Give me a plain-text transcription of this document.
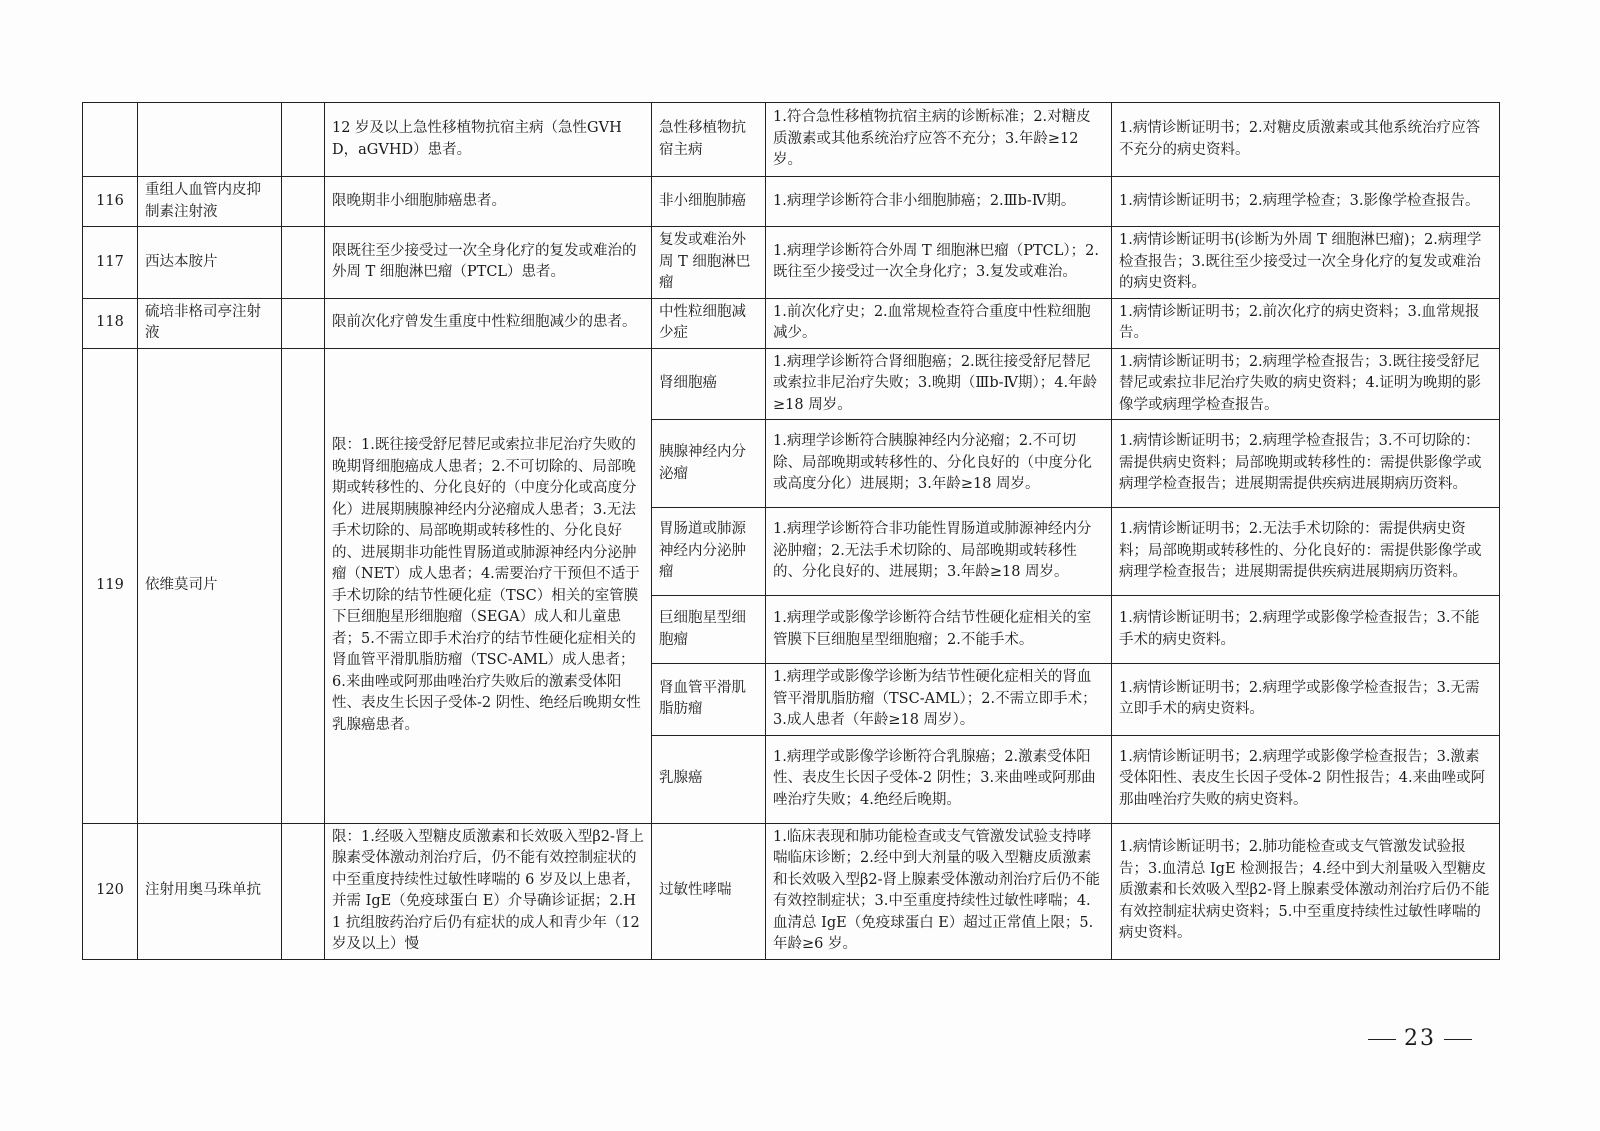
			12 岁及以上急性移植物抗宿主病（急性GVHD，aGVHD）患者。	急性移植物抗宿主病	1.符合急性移植物抗宿主病的诊断标准；2.对糖皮质激素或其他系统治疗应答不充分；3.年龄≥12 岁。	1.病情诊断证明书；2.对糖皮质激素或其他系统治疗应答不充分的病史资料。
116	重组人血管内皮抑制素注射液		限晚期非小细胞肺癌患者。	非小细胞肺癌	1.病理学诊断符合非小细胞肺癌；2.Ⅲb-Ⅳ期。	1.病情诊断证明书；2.病理学检查；3.影像学检查报告。
117	西达本胺片		限既往至少接受过一次全身化疗的复发或难治的外周 T 细胞淋巴瘤（PTCL）患者。	复发或难治外周 T 细胞淋巴瘤	1.病理学诊断符合外周 T 细胞淋巴瘤（PTCL）；2.既往至少接受过一次全身化疗；3.复发或难治。	1.病情诊断证明书(诊断为外周 T 细胞淋巴瘤)；2.病理学检查报告；3.既往至少接受过一次全身化疗的复发或难治的病史资料。
118	硫培非格司亭注射液		限前次化疗曾发生重度中性粒细胞减少的患者。	中性粒细胞减少症	1.前次化疗史；2.血常规检查符合重度中性粒细胞减少。	1.病情诊断证明书；2.前次化疗的病史资料；3.血常规报告。
119	依维莫司片		限：1.既往接受舒尼替尼或索拉非尼治疗失败的晚期肾细胞癌成人患者；2.不可切除的、局部晚期或转移性的、分化良好的（中度分化或高度分化）进展期胰腺神经内分泌瘤成人患者；3.无法手术切除的、局部晚期或转移性的、分化良好的、进展期非功能性胃肠道或肺源神经内分泌肿瘤（NET）成人患者；4.需要治疗干预但不适于手术切除的结节性硬化症（TSC）相关的室管膜下巨细胞星形细胞瘤（SEGA）成人和儿童患者；5.不需立即手术治疗的结节性硬化症相关的肾血管平滑肌脂肪瘤（TSC-AML）成人患者；6.来曲唑或阿那曲唑治疗失败后的激素受体阳性、表皮生长因子受体-2 阴性、绝经后晚期女性乳腺癌患者。	肾细胞癌	1.病理学诊断符合肾细胞癌；2.既往接受舒尼替尼或索拉非尼治疗失败；3.晚期（Ⅲb-Ⅳ期）；4.年龄≥18 周岁。	1.病情诊断证明书；2.病理学检查报告；3.既往接受舒尼替尼或索拉非尼治疗失败的病史资料；4.证明为晚期的影像学或病理学检查报告。
				胰腺神经内分泌瘤	1.病理学诊断符合胰腺神经内分泌瘤；2.不可切除、局部晚期或转移性的、分化良好的（中度分化或高度分化）进展期；3.年龄≥18 周岁。	1.病情诊断证明书；2.病理学检查报告；3.不可切除的：需提供病史资料；局部晚期或转移性的：需提供影像学或病理学检查报告；进展期需提供疾病进展期病历资料。
				胃肠道或肺源神经内分泌肿瘤	1.病理学诊断符合非功能性胃肠道或肺源神经内分泌肿瘤；2.无法手术切除的、局部晚期或转移性的、分化良好的、进展期；3.年龄≥18 周岁。	1.病情诊断证明书；2.无法手术切除的：需提供病史资料；局部晚期或转移性的、分化良好的：需提供影像学或病理学检查报告；进展期需提供疾病进展期病历资料。
				巨细胞星型细胞瘤	1.病理学或影像学诊断符合结节性硬化症相关的室管膜下巨细胞星型细胞瘤；2.不能手术。	1.病情诊断证明书；2.病理学或影像学检查报告；3.不能手术的病史资料。
				肾血管平滑肌脂肪瘤	1.病理学或影像学诊断为结节性硬化症相关的肾血管平滑肌脂肪瘤（TSC-AML）；2.不需立即手术；3.成人患者（年龄≥18 周岁）。	1.病情诊断证明书；2.病理学或影像学检查报告；3.无需立即手术的病史资料。
				乳腺癌	1.病理学或影像学诊断符合乳腺癌；2.激素受体阳性、表皮生长因子受体-2 阴性；3.来曲唑或阿那曲唑治疗失败；4.绝经后晚期。	1.病情诊断证明书；2.病理学或影像学检查报告；3.激素受体阳性、表皮生长因子受体-2 阴性报告；4.来曲唑或阿那曲唑治疗失败的病史资料。
120	注射用奥马珠单抗		限：1.经吸入型糖皮质激素和长效吸入型β2-肾上腺素受体激动剂治疗后，仍不能有效控制症状的中至重度持续性过敏性哮喘的 6 岁及以上患者，并需 IgE（免疫球蛋白 E）介导确诊证据；2.H1 抗组胺药治疗后仍有症状的成人和青少年（12 岁及以上）慢	过敏性哮喘	1.临床表现和肺功能检查或支气管激发试验支持哮喘临床诊断；2.经中到大剂量的吸入型糖皮质激素和长效吸入型β2-肾上腺素受体激动剂治疗后仍不能有效控制症状；3.中至重度持续性过敏性哮喘；4.血清总 IgE（免疫球蛋白 E）超过正常值上限；5.年龄≥6 岁。	1.病情诊断证明书；2.肺功能检查或支气管激发试验报告；3.血清总 IgE 检测报告；4.经中到大剂量吸入型糖皮质激素和长效吸入型β2-肾上腺素受体激动剂治疗后仍不能有效控制症状病史资料；5.中至重度持续性过敏性哮喘的病史资料。
23
